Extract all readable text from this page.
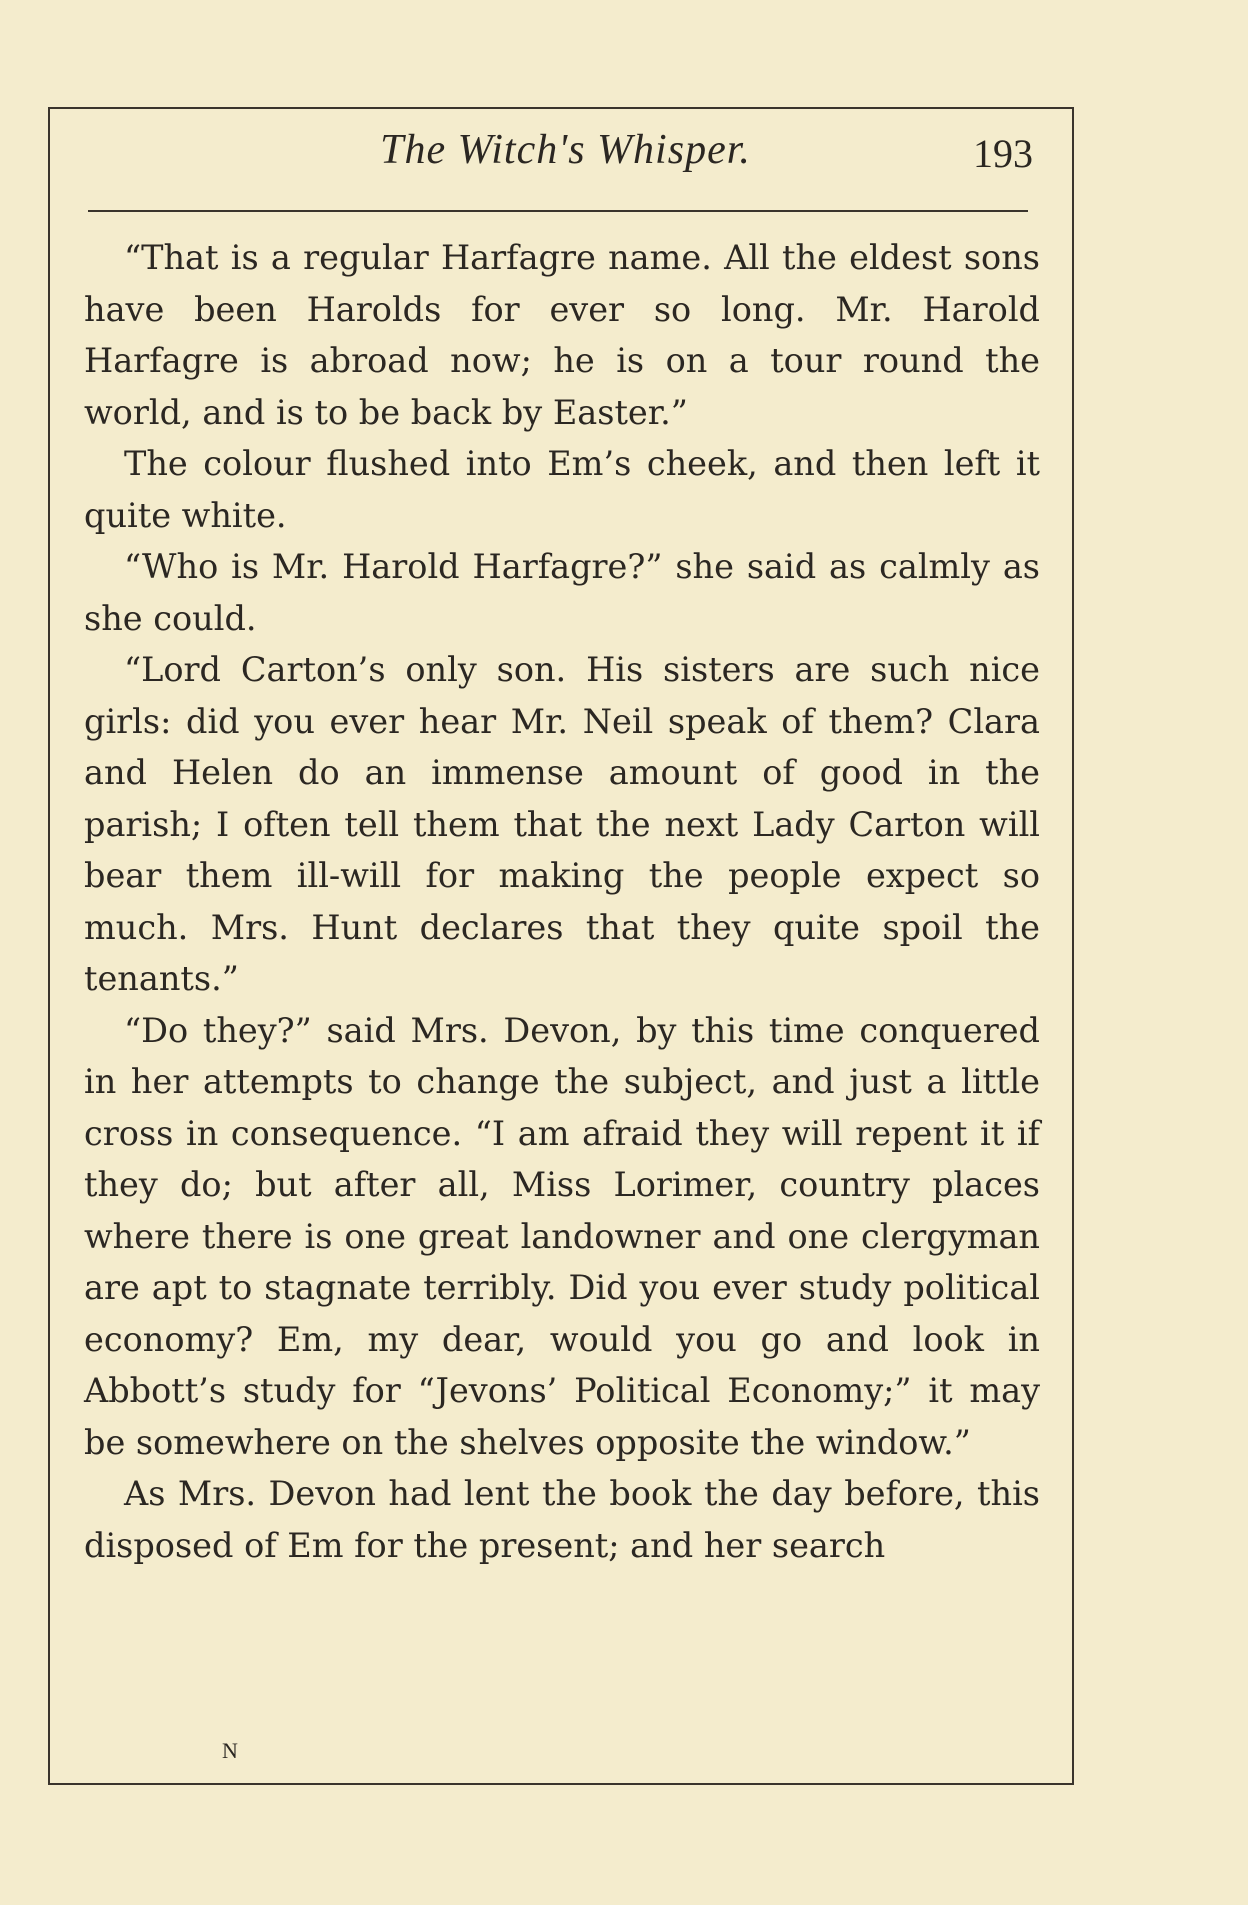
The Witch's Whisper.	193

“That is a regular Harfagre name. All the eldest sons have been Harolds for ever so long. Mr. Harold Harfagre is abroad now; he is on a tour round the world, and is to be back by Easter.”

The colour flushed into Em’s cheek, and then left it quite white.

“Who is Mr. Harold Harfagre?” she said as calmly as she could.

“Lord Carton’s only son. His sisters are such nice girls: did you ever hear Mr. Neil speak of them? Clara and Helen do an immense amount of good in the parish; I often tell them that the next Lady Carton will bear them ill-will for making the people expect so much. Mrs. Hunt declares that they quite spoil the tenants.”

“Do they?” said Mrs. Devon, by this time conquered in her attempts to change the subject, and just a little cross in consequence. “I am afraid they will repent it if they do; but after all, Miss Lorimer, country places where there is one great landowner and one clergyman are apt to stagnate terribly. Did you ever study political economy? Em, my dear, would you go and look in Abbott’s study for “Jevons’ Political Economy;” it may be somewhere on the shelves opposite the window.”

As Mrs. Devon had lent the book the day before, this disposed of Em for the present; and her search

N
